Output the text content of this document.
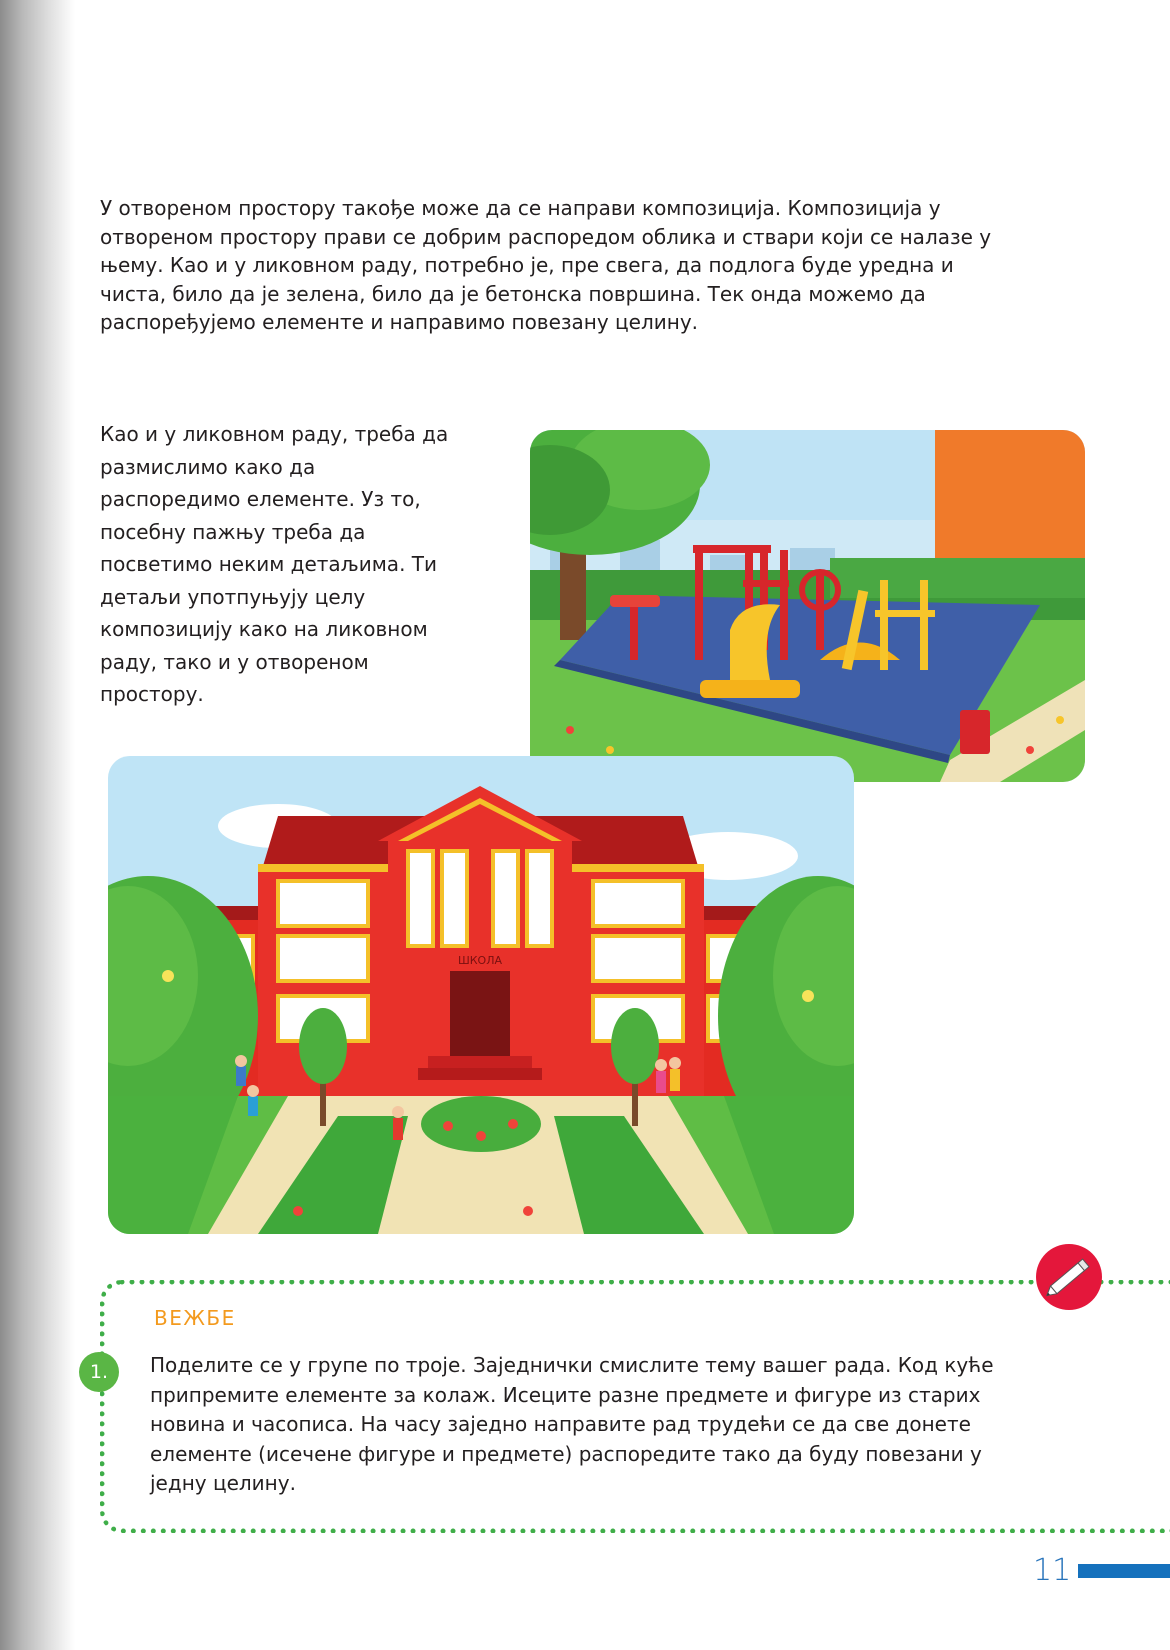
У отвореном простору такође може да се направи композиција. Композиција у отвореном простору прави се добрим распоредом облика и ствари који се налазе у њему. Као и у ликовном раду, потребно је, пре свега, да подлога буде уредна и чиста, било да је зелена, било да је бетонска површина. Тек онда можемо да распоређујемо елементе и направимо повезану целину.

Као и у ликовном раду, треба да размислимо како да распоредимо елементе. Уз то, посебну пажњу треба да посветимо неким детаљима. Ти детаљи употпуњују целу композицију како на ликовном раду, тако и у отвореном простору.

ШКОЛА

ВЕЖБЕ

1.	Поделите се у групе по троје. Заједнички смислите тему вашег рада. Код куће припремите елементе за колаж. Исеците разне предмете и фигуре из старих новина и часописа. На часу заједно направите рад трудећи се да све донете елементе (исечене фигуре и предмете) распоредите тако да буду повезани у једну целину.

11
